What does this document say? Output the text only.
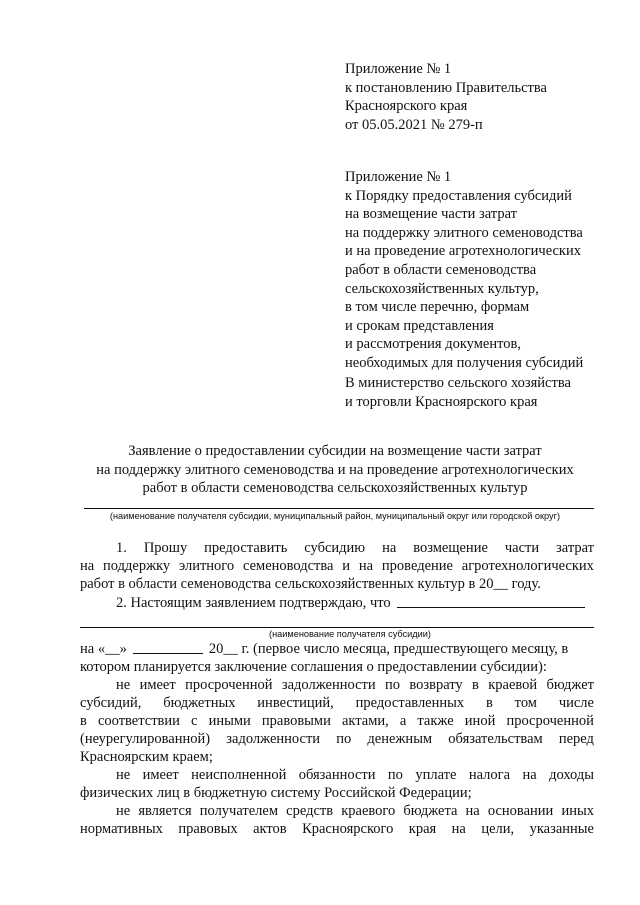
Приложение № 1
к постановлению Правительства
Красноярского края
от 05.05.2021 № 279-п
Приложение № 1
к Порядку предоставления субсидий
на возмещение части затрат
на поддержку элитного семеноводства
и на проведение агротехнологических
работ в области семеноводства
сельскохозяйственных культур,
в том числе перечню, формам
и срокам представления
и рассмотрения документов,
необходимых для получения субсидий
В министерство сельского хозяйства
и торговли Красноярского края
Заявление о предоставлении субсидии на возмещение части затрат
на поддержку элитного семеноводства и на проведение агротехнологических
работ в области семеноводства сельскохозяйственных культур
(наименование получателя субсидии, муниципальный район, муниципальный округ или городской округ)
1. Прошу предоставить субсидию на возмещение части затрат
на поддержку элитного семеноводства и на проведение агротехнологических
работ в области семеноводства сельскохозяйственных культур в 20__ году.
2. Настоящим заявлением подтверждаю, что
(наименование получателя субсидии)
на «__»	20__ г. (первое число месяца, предшествующего месяцу, в
котором планируется заключение соглашения о предоставлении субсидии):
не имеет просроченной задолженности по возврату в краевой бюджет
субсидий, бюджетных инвестиций, предоставленных в том числе
в соответствии с иными правовыми актами, а также иной просроченной
(неурегулированной) задолженности по денежным обязательствам перед
Красноярским краем;
не имеет неисполненной обязанности по уплате налога на доходы
физических лиц в бюджетную систему Российской Федерации;
не является получателем средств краевого бюджета на основании иных
нормативных правовых актов Красноярского края на цели, указанные
